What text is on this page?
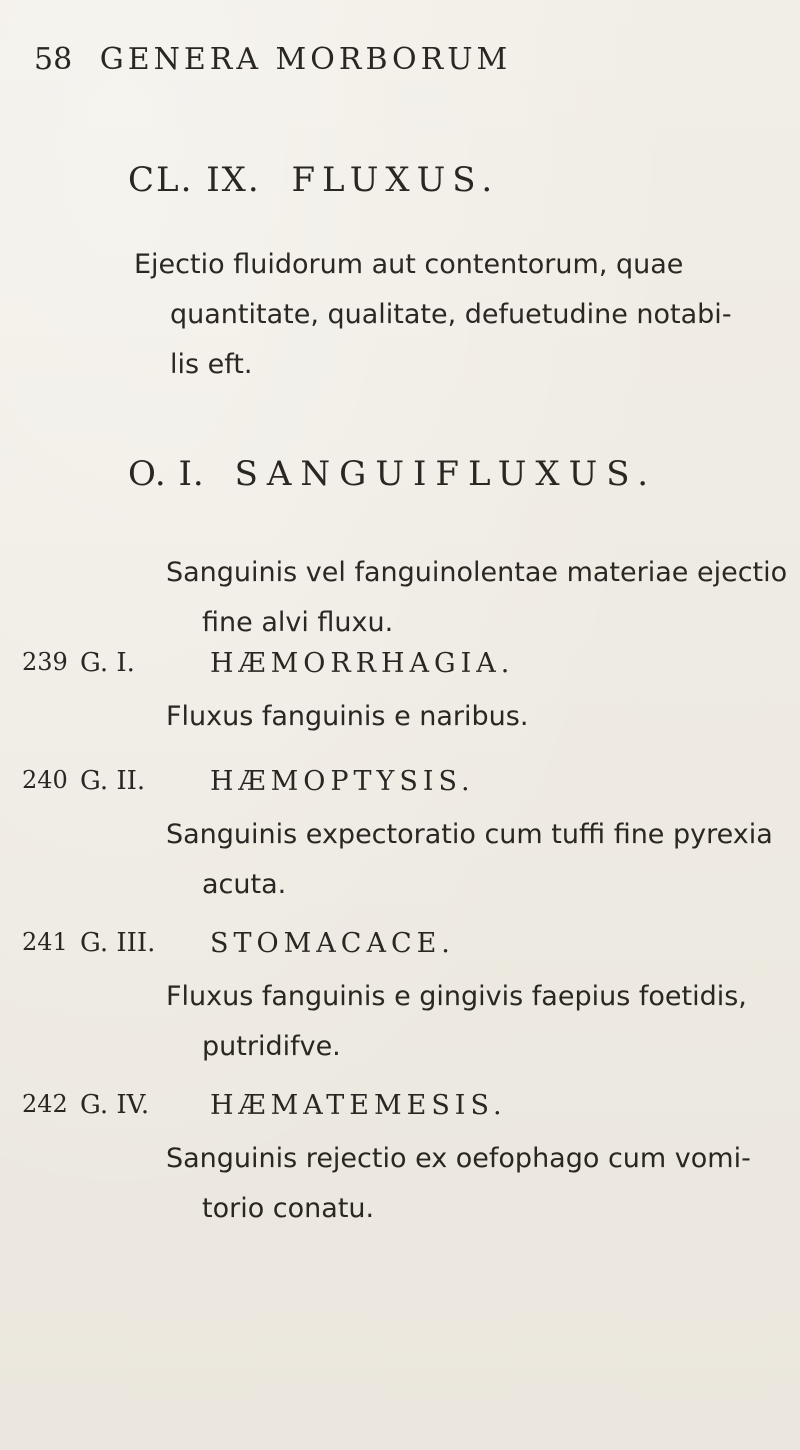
58 GENERA MORBORUM
CL. IX. FLUXUS.
Ejectio fluidorum aut contentorum, quae
quantitate, qualitate, defuetudine notabi-
lis eft.
O. I. SANGUIFLUXUS.
Sanguinis vel fanguinolentae materiae ejectio
fine alvi fluxu.
239 G. I.	HÆMORRHAGIA.
Fluxus fanguinis e naribus.
240 G. II. HÆMOPTYSIS.
Sanguinis expectoratio cum tuffi fine pyrexia
acuta.
241 G. III. STOMACACE.
Fluxus fanguinis e gingivis faepius foetidis,
putridifve.
242 G. IV. HÆMATEMESIS.
Sanguinis rejectio ex oefophago cum vomi-
torio conatu.
